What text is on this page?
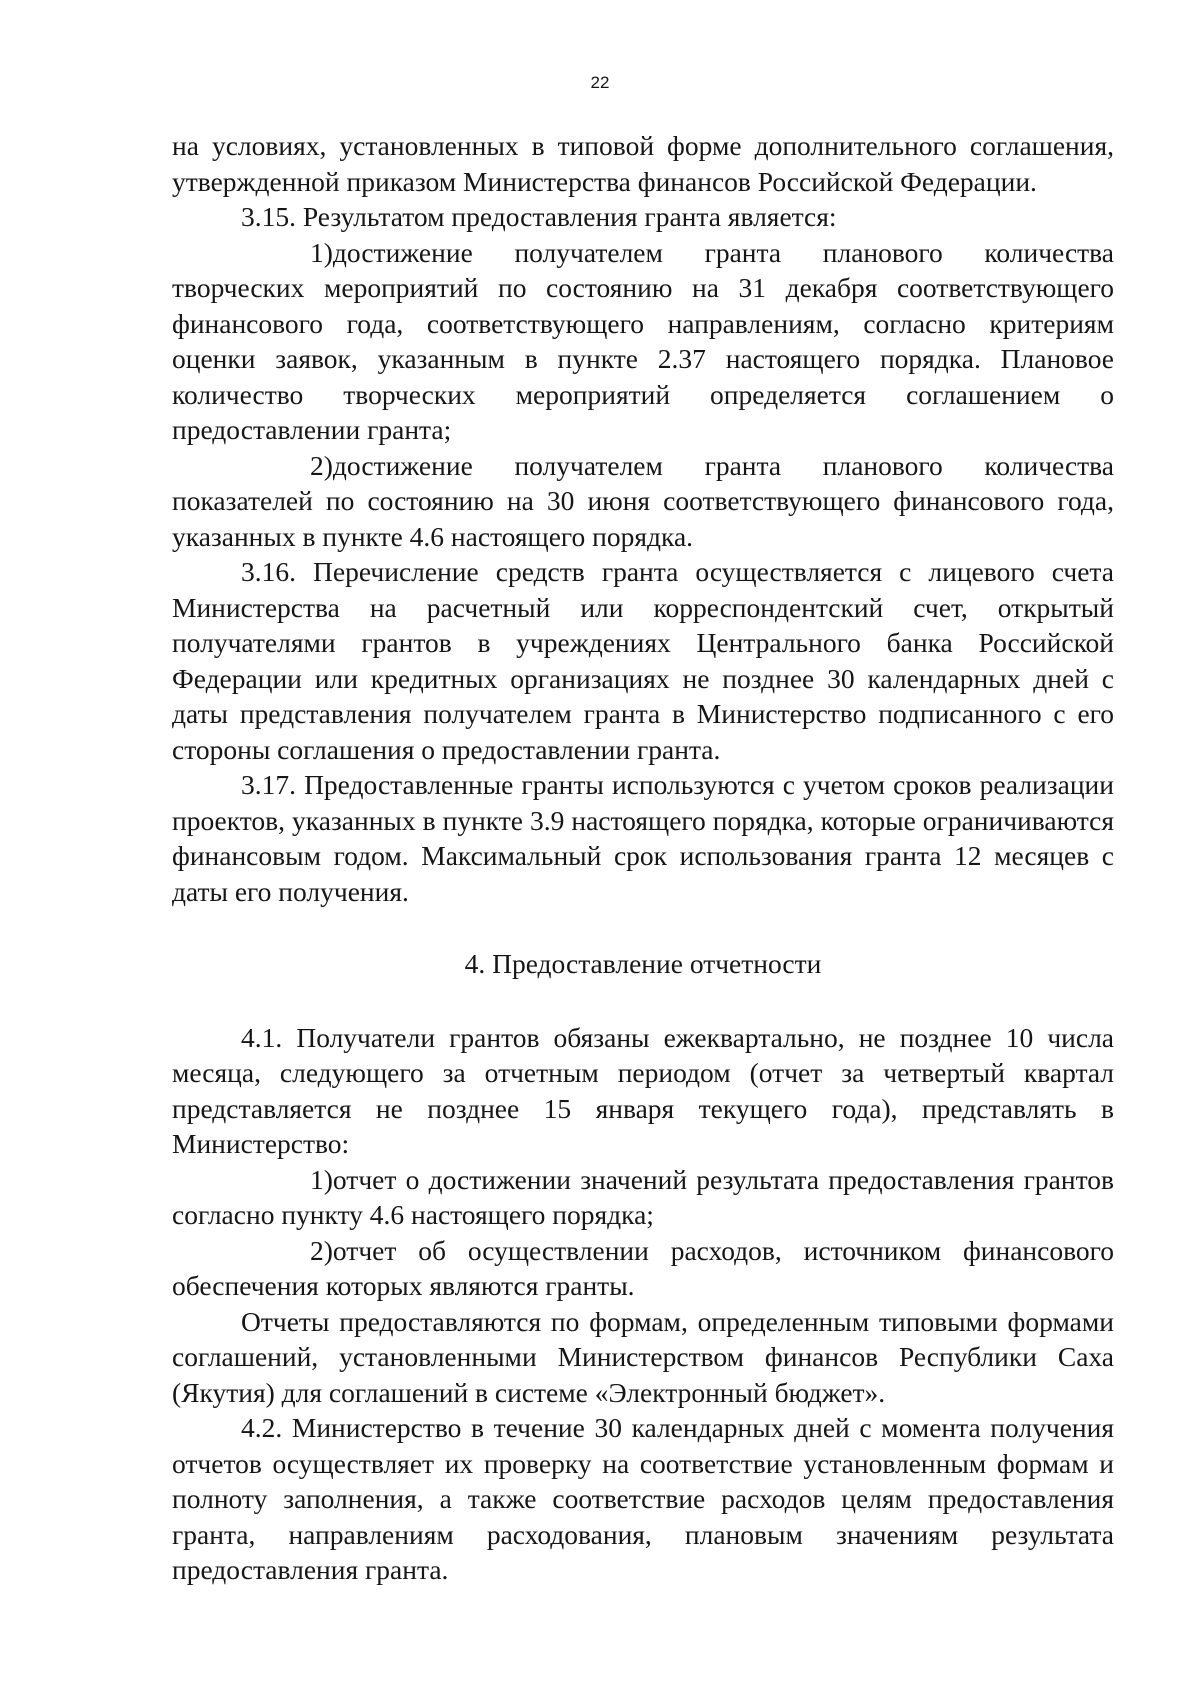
22

на условиях, установленных в типовой форме дополнительного соглашения, утвержденной приказом Министерства финансов Российской Федерации.

3.15. Результатом предоставления гранта является:

1)достижение получателем гранта планового количества творческих мероприятий по состоянию на 31 декабря соответствующего финансового года, соответствующего направлениям, согласно критериям оценки заявок, указанным в пункте 2.37 настоящего порядка. Плановое количество творческих мероприятий определяется соглашением о предоставлении гранта;

2)достижение получателем гранта планового количества показателей по состоянию на 30 июня соответствующего финансового года, указанных в пункте 4.6 настоящего порядка.

3.16. Перечисление средств гранта осуществляется с лицевого счета Министерства на расчетный или корреспондентский счет, открытый получателями грантов в учреждениях Центрального банка Российской Федерации или кредитных организациях не позднее 30 календарных дней с даты представления получателем гранта в Министерство подписанного с его стороны соглашения о предоставлении гранта.

3.17. Предоставленные гранты используются с учетом сроков реализации проектов, указанных в пункте 3.9 настоящего порядка, которые ограничиваются финансовым годом. Максимальный срок использования гранта 12 месяцев с даты его получения.

4. Предоставление отчетности

4.1. Получатели грантов обязаны ежеквартально, не позднее 10 числа месяца, следующего за отчетным периодом (отчет за четвертый квартал представляется не позднее 15 января текущего года), представлять в Министерство:

1)отчет о достижении значений результата предоставления грантов согласно пункту 4.6 настоящего порядка;

2)отчет об осуществлении расходов, источником финансового обеспечения которых являются гранты.

Отчеты предоставляются по формам, определенным типовыми формами соглашений, установленными Министерством финансов Республики Саха (Якутия) для соглашений в системе «Электронный бюджет».

4.2. Министерство в течение 30 календарных дней с момента получения отчетов осуществляет их проверку на соответствие установленным формам и полноту заполнения, а также соответствие расходов целям предоставления гранта, направлениям расходования, плановым значениям результата предоставления гранта.
